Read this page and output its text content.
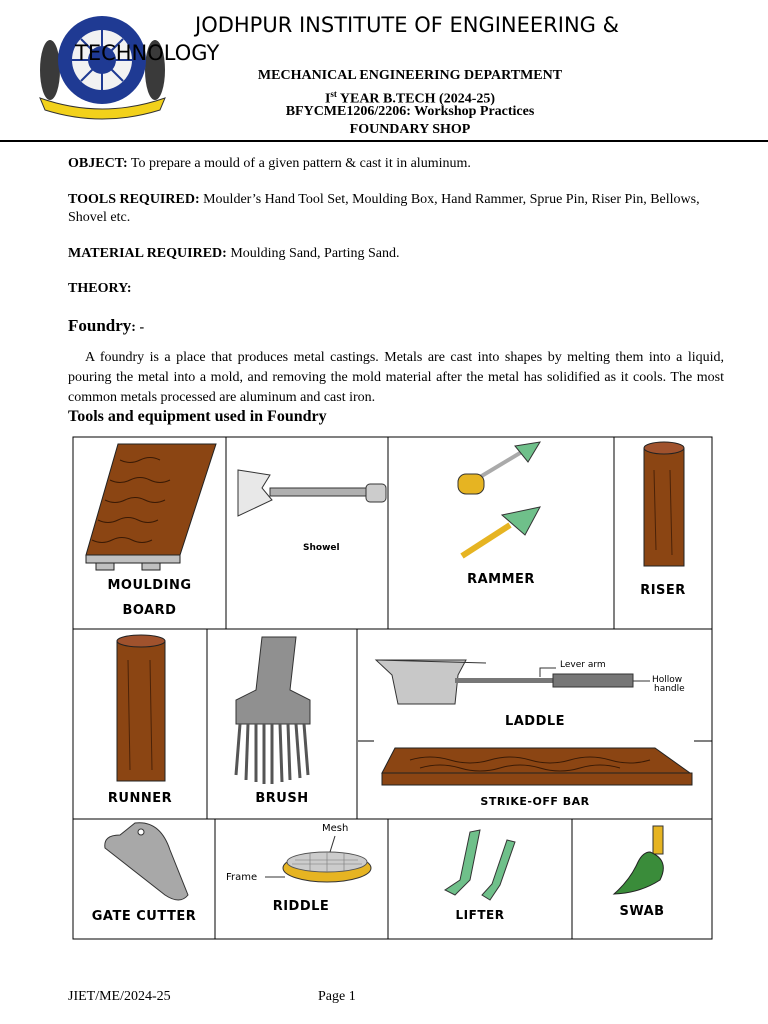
JODHPUR INSTITUTE OF ENGINEERING &
TECHNOLOGY
MECHANICAL ENGINEERING DEPARTMENT
Ist YEAR B.TECH (2024-25)
BFYCME1206/2206: Workshop Practices
FOUNDARY SHOP
OBJECT: To prepare a mould of a given pattern & cast it in aluminum.
TOOLS REQUIRED: Moulder’s Hand Tool Set, Moulding Box, Hand Rammer, Sprue Pin, Riser Pin, Bellows, Shovel etc.
MATERIAL REQUIRED: Moulding Sand, Parting Sand.
THEORY:
Foundry: -
A foundry is a place that produces metal castings. Metals are cast into shapes by melting them into a liquid, pouring the metal into a mold, and removing the mold material after the metal has solidified as it cools. The most common metals processed are aluminum and cast iron.
Tools and equipment used in Foundry
MOULDING
BOARD
Showel
RAMMER
RISER
RUNNER	BRUSH
Lever arm
Hollow
handle
LADDLE
STRIKE-OFF BAR
GATE CUTTER
Mesh
Frame
RIDDLE
LIFTER	SWAB
JIET/ME/2024-25	Page 1
